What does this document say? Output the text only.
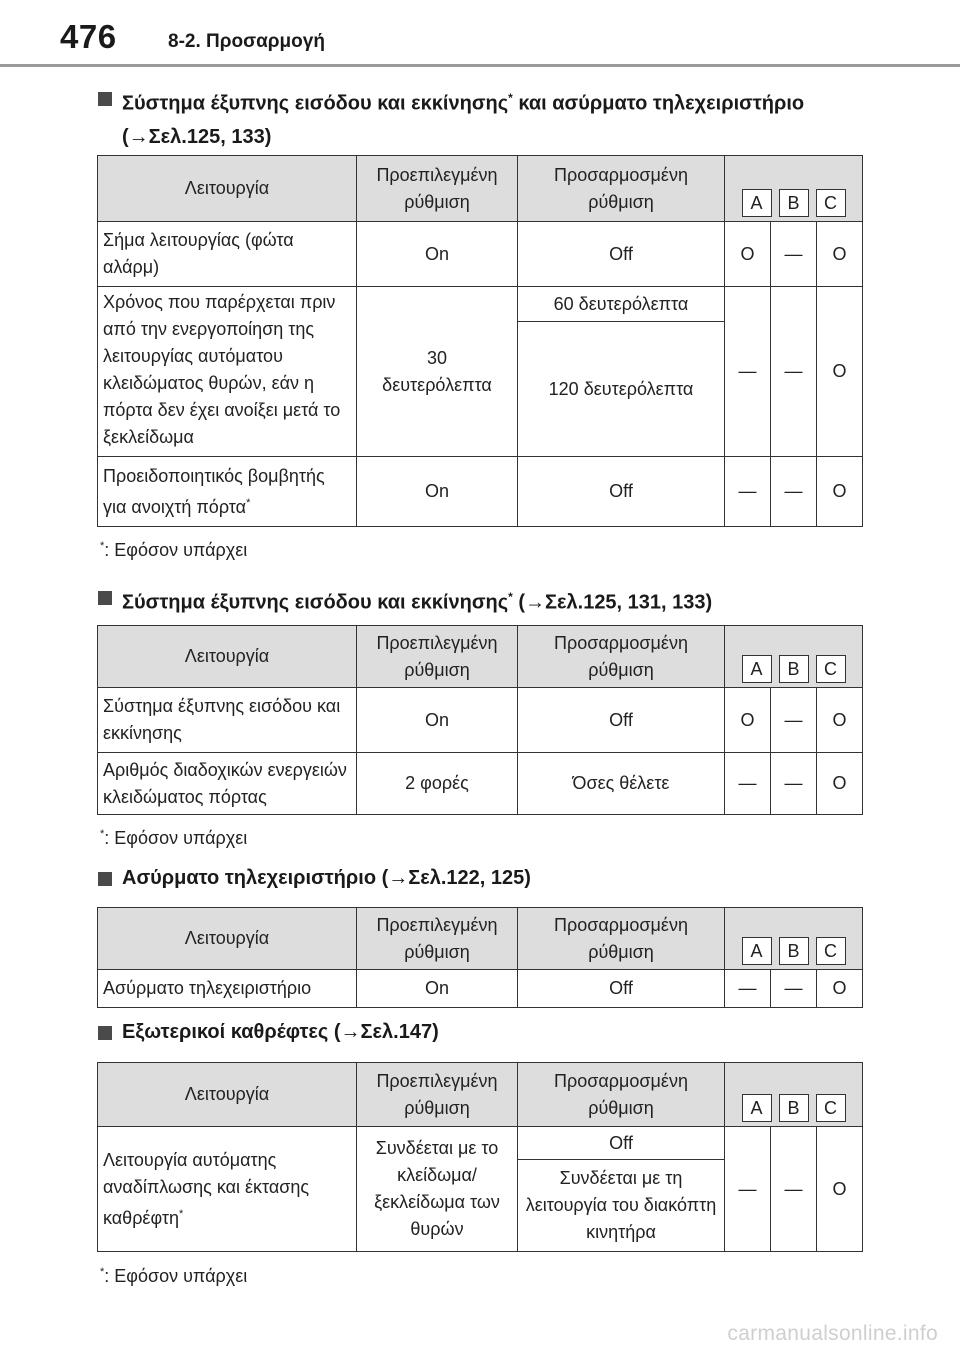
476	8-2. Προσαρμογή
Σύστημα έξυπνης εισόδου και εκκίνησης* και ασύρματο τηλεχειριστήριο (→Σελ.125, 133)
Λειτουργία	Προεπιλεγμένη ρύθμιση	Προσαρμοσμένη ρύθμιση	A B C		

Σήμα λειτουργίας (φώτα αλάρμ)	On	Off	O	—	O
Χρόνος που παρέρχεται πριν από την ενεργοποίηση της λειτουργίας αυτόματου κλειδώματος θυρών, εάν η πόρτα δεν έχει ανοίξει μετά το ξεκλείδωμα	30 δευτερόλεπτα	60 δευτερόλεπτα	—	—	O
		120 δευτερόλεπτα			
Προειδοποιητικός βομβητής για ανοιχτή πόρτα*	On	Off	—	—	O
*: Εφόσον υπάρχει
Σύστημα έξυπνης εισόδου και εκκίνησης* (→Σελ.125, 131, 133)
Λειτουργία	Προεπιλεγμένη ρύθμιση	Προσαρμοσμένη ρύθμιση	A B C		

Σύστημα έξυπνης εισόδου και εκκίνησης	On	Off	O	—	O
Αριθμός διαδοχικών ενεργειών κλειδώματος πόρτας	2 φορές	Όσες θέλετε	—	—	O
*: Εφόσον υπάρχει
Ασύρματο τηλεχειριστήριο (→Σελ.122, 125)
Λειτουργία	Προεπιλεγμένη ρύθμιση	Προσαρμοσμένη ρύθμιση	A B C		

Ασύρματο τηλεχειριστήριο	On	Off	—	—	O
Εξωτερικοί καθρέφτες (→Σελ.147)
Λειτουργία	Προεπιλεγμένη ρύθμιση	Προσαρμοσμένη ρύθμιση	A B C		

Λειτουργία αυτόματης αναδίπλωσης και έκτασης καθρέφτη*	Συνδέεται με το κλείδωμα/ξεκλείδωμα των θυρών	Off	—	—	O
		Συνδέεται με τη λειτουργία του διακόπτη κινητήρα			
*: Εφόσον υπάρχει
carmanualsonline.info
